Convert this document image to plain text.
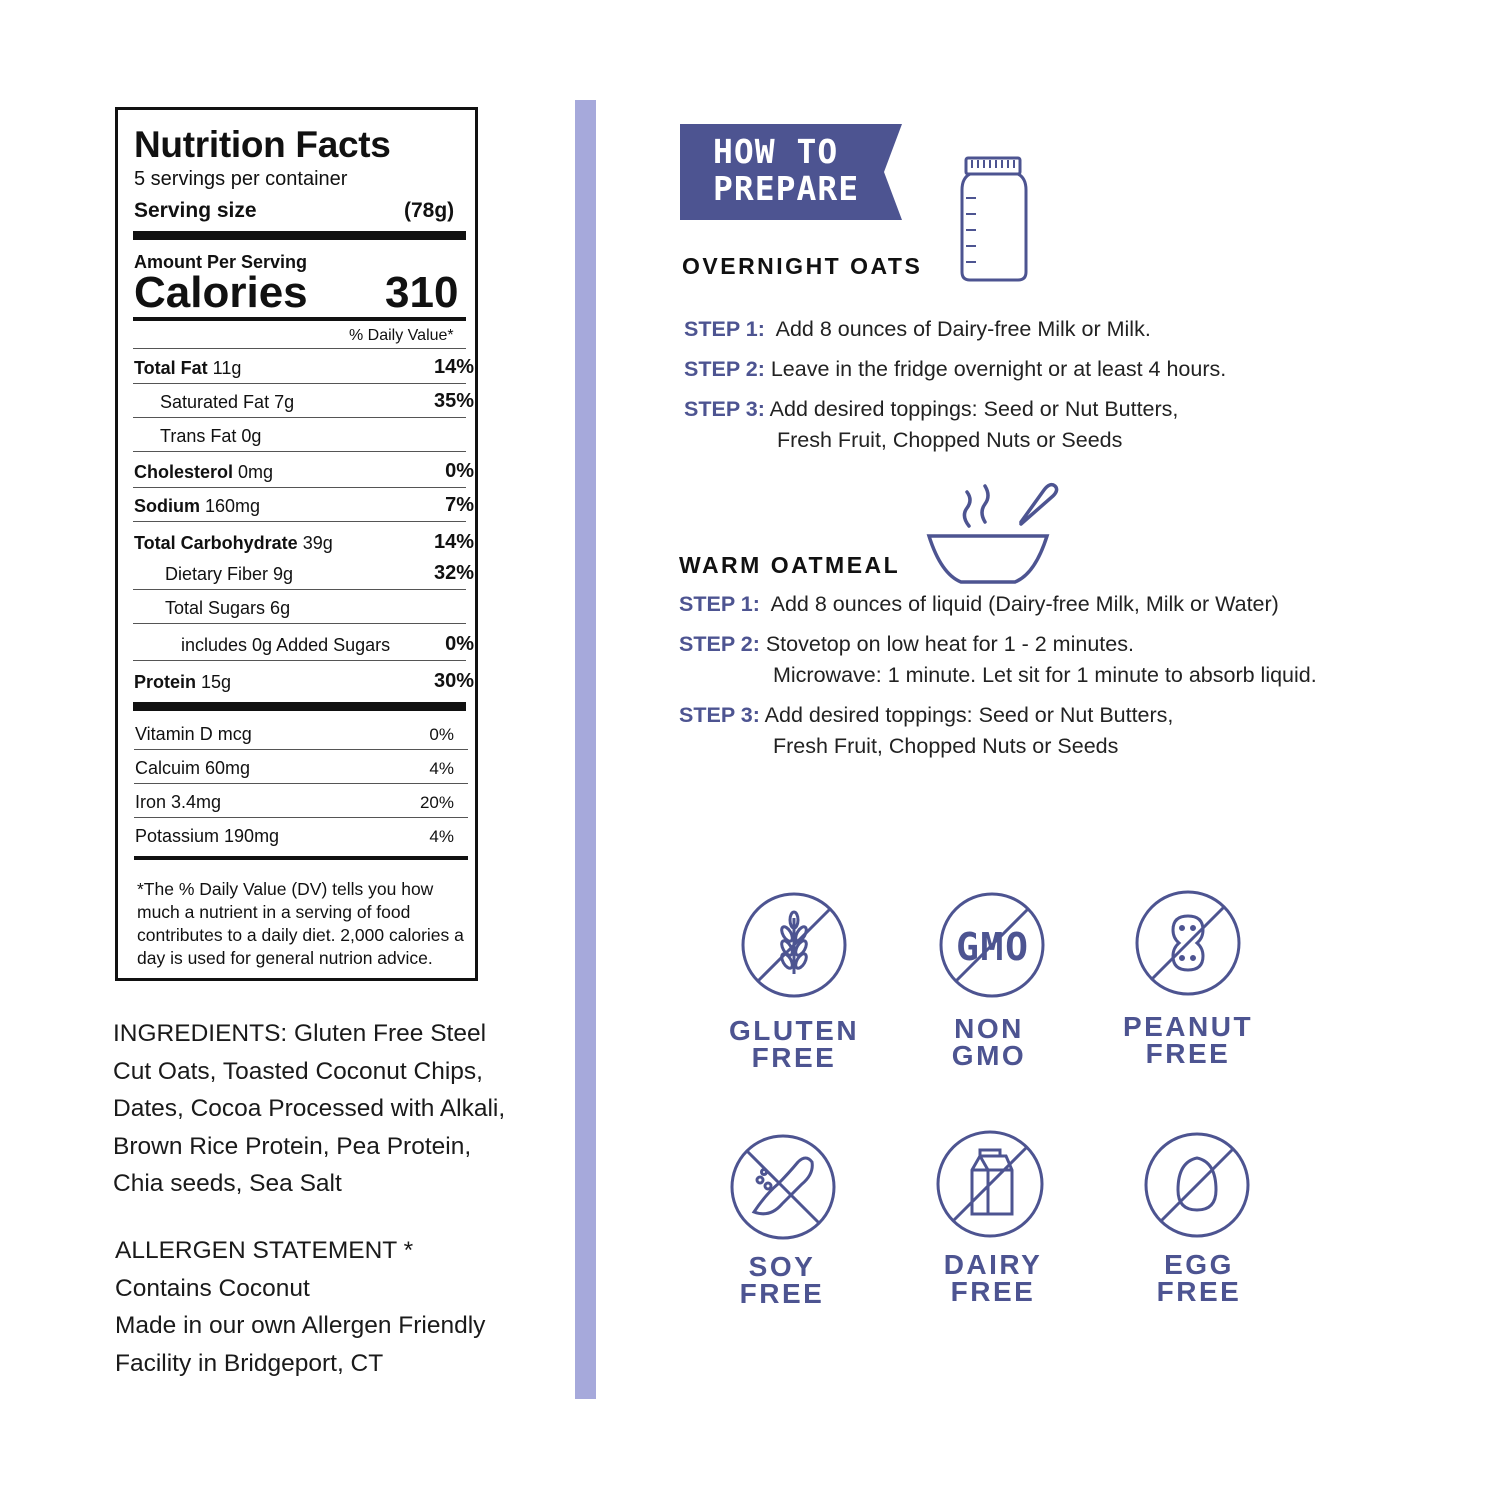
Nutrition Facts
5 servings per container
Serving size	(78g)
Amount Per Serving
Calories 310
% Daily Value*
Total Fat 11g	14%
Saturated Fat 7g	35%
Trans Fat 0g
Cholesterol 0mg	0%
Sodium 160mg	7%
Total Carbohydrate 39g	14%
Dietary Fiber 9g	32%
Total Sugars 6g
includes 0g Added Sugars	0%
Protein 15g	30%
Vitamin D mcg	0%
Calcuim 60mg	4%
Iron 3.4mg	20%
Potassium 190mg	4%
*The % Daily Value (DV) tells you how much a nutrient in a serving of food contributes to a daily diet. 2,000 calories a day is used for general nutrion advice.
INGREDIENTS: Gluten Free Steel Cut Oats, Toasted Coconut Chips, Dates, Cocoa Processed with Alkali, Brown Rice Protein, Pea Protein, Chia seeds, Sea Salt
ALLERGEN STATEMENT *
Contains Coconut
Made in our own Allergen Friendly
Facility in Bridgeport, CT
HOW TO
PREPARE
OVERNIGHT OATS
STEP 1: Add 8 ounces of Dairy-free Milk or Milk.
STEP 2: Leave in the fridge overnight or at least 4 hours.
STEP 3: Add desired toppings: Seed or Nut Butters,
Fresh Fruit, Chopped Nuts or Seeds
WARM OATMEAL
STEP 1: Add 8 ounces of liquid (Dairy-free Milk, Milk or Water)
STEP 2: Stovetop on low heat for 1 - 2 minutes.
Microwave: 1 minute. Let sit for 1 minute to absorb liquid.
STEP 3: Add desired toppings: Seed or Nut Butters,
Fresh Fruit, Chopped Nuts or Seeds
GLUTEN
FREE
GMO
NON
GMO
PEANUT
FREE
SOY
FREE
DAIRY
FREE
EGG
FREE
